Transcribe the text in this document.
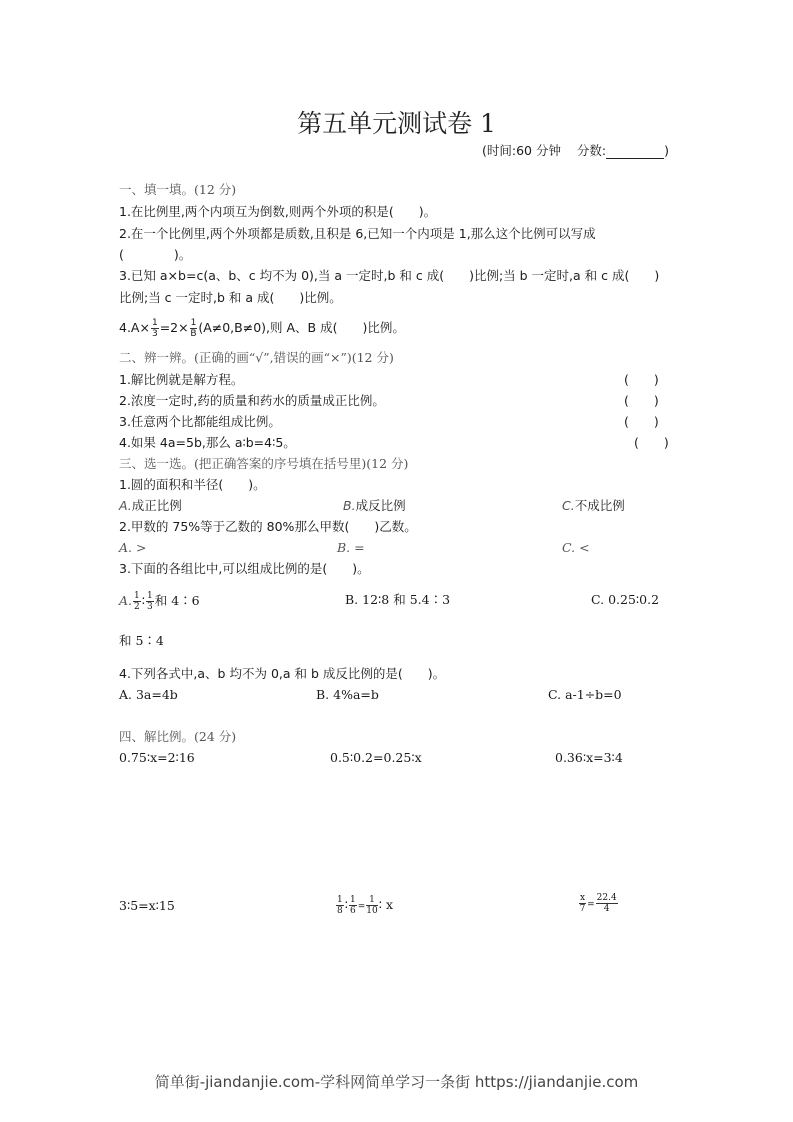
第五单元测试卷 1
(时间:60 分钟 分数:	)
一、填一填。(12 分)
1.在比例里,两个内项互为倒数,则两个外项的积是(　　)。
2.在一个比例里,两个外项都是质数,且积是 6,已知一个内项是 1,那么这个比例可以写成
(　　　　)。
3.已知 a×b=c(a、b、c 均不为 0),当 a 一定时,b 和 c 成(　　)比例;当 b 一定时,a 和 c 成(　　)
比例;当 c 一定时,b 和 a 成(　　)比例。
$4.A\times \frac{1}{3} =2\times \frac{1}{B} (A\ne 0,B\ne 0)$,则 A、B 成(　　)比例。
二、辨一辨。(正确的画“√”,错误的画“×”)(12 分)
1.解比例就是解方程。	(　　)
2.浓度一定时,药的质量和药水的质量成正比例。	(　　)
3.任意两个比都能组成比例。	(　　)
4.如果 4a=5b,那么 a∶b=4∶5。	(　　)
三、选一选。(把正确答案的序号填在括号里)(12 分)
1.圆的面积和半径(　　)。
A.成正比例	B.成反比例	C.不成比例
2.甲数的 75%等于乙数的 80%那么甲数(　　)乙数。
A. >	B. =	C. <
3.下面的各组比中,可以组成比例的是(　　)。
A. $\frac{1}{2}$ ∶ $\frac{1}{3}$ 和 4∶6	B. 12∶8 和 5.4∶3	C. 0.25∶0.2
和 5∶4
4.下列各式中,a、b 均不为 0,a 和 b 成反比例的是(　　)。
A. 3a=4b	B. 4%a=b	C. a-1÷b=0
四、解比例。(24 分)
0.75∶x=2∶16	0.5∶0.2=0.25∶x	0.36∶x=3∶4
3∶5=x∶15	$\frac{1}{8}$ ∶ $\frac{1}{6} = \frac{1}{10}$ ∶ x	$\frac{x}{7} = \frac{22.4}{4}$
简单街-jiandanjie.com-学科网简单学习一条街 https://jiandanjie.com
